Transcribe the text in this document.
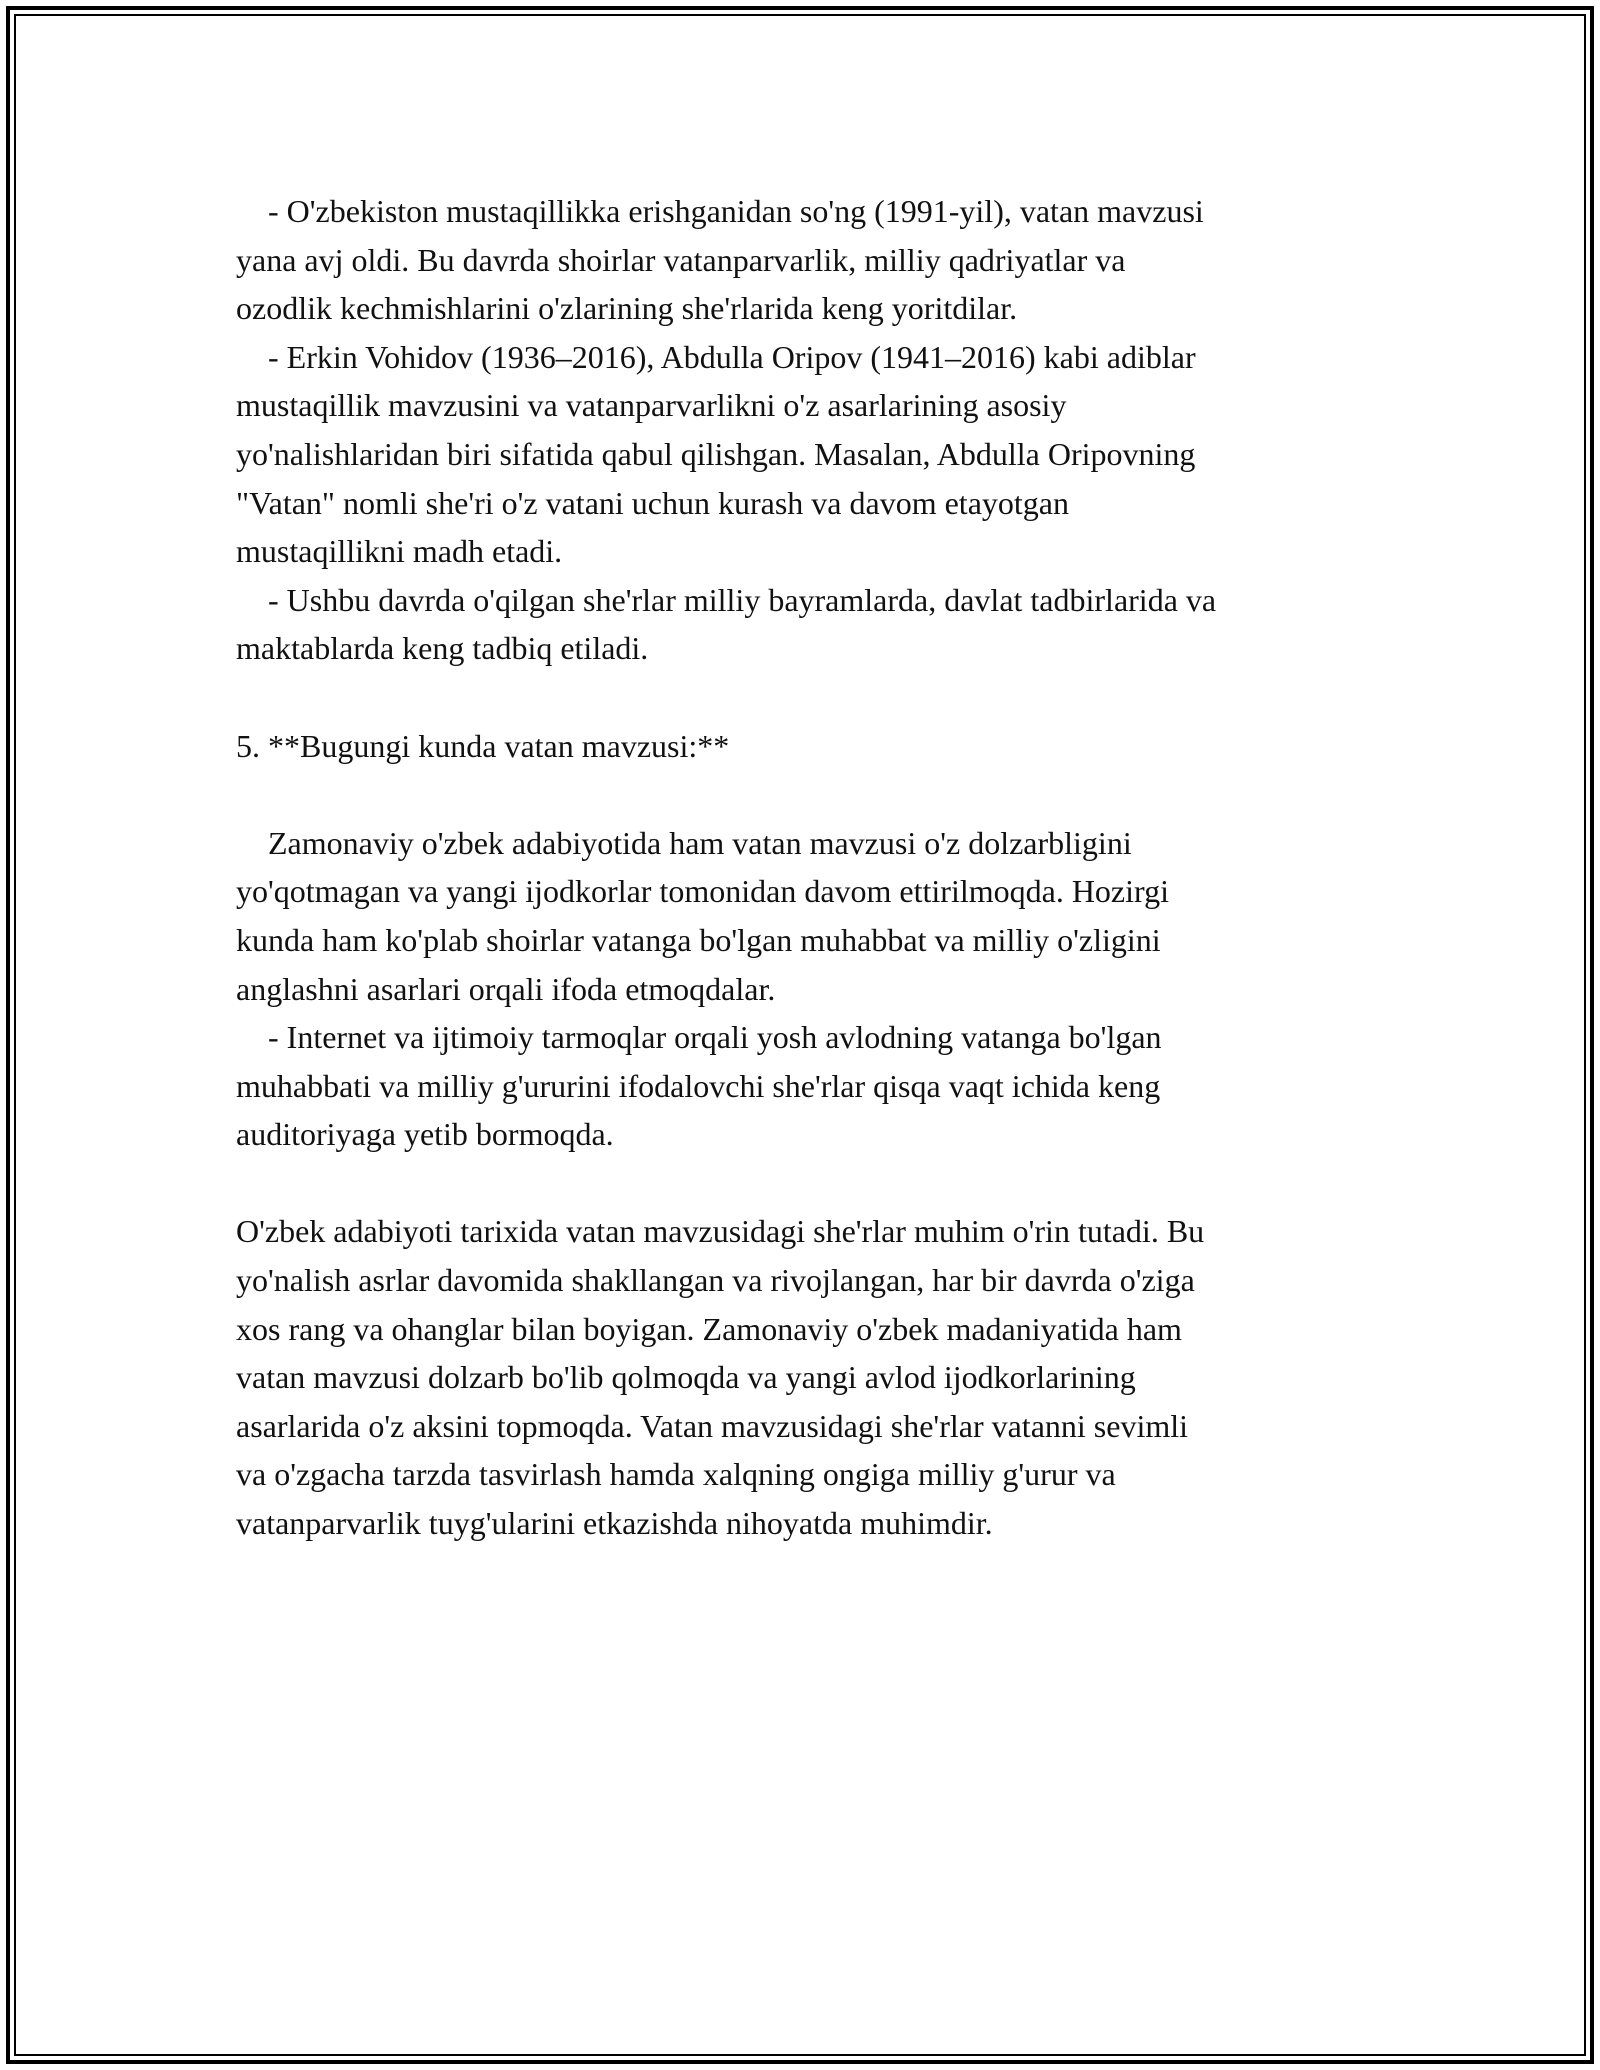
- O'zbekiston mustaqillikka erishganidan so'ng (1991-yil), vatan mavzusi
yana avj oldi. Bu davrda shoirlar vatanparvarlik, milliy qadriyatlar va
ozodlik kechmishlarini o'zlarining she'rlarida keng yoritdilar.
- Erkin Vohidov (1936–2016), Abdulla Oripov (1941–2016) kabi adiblar
mustaqillik mavzusini va vatanparvarlikni o'z asarlarining asosiy
yo'nalishlaridan biri sifatida qabul qilishgan. Masalan, Abdulla Oripovning
"Vatan" nomli she'ri o'z vatani uchun kurash va davom etayotgan
mustaqillikni madh etadi.
- Ushbu davrda o'qilgan she'rlar milliy bayramlarda, davlat tadbirlarida va
maktablarda keng tadbiq etiladi.
5. **Bugungi kunda vatan mavzusi:**
Zamonaviy o'zbek adabiyotida ham vatan mavzusi o'z dolzarbligini
yo'qotmagan va yangi ijodkorlar tomonidan davom ettirilmoqda. Hozirgi
kunda ham ko'plab shoirlar vatanga bo'lgan muhabbat va milliy o'zligini
anglashni asarlari orqali ifoda etmoqdalar.
- Internet va ijtimoiy tarmoqlar orqali yosh avlodning vatanga bo'lgan
muhabbati va milliy g'ururini ifodalovchi she'rlar qisqa vaqt ichida keng
auditoriyaga yetib bormoqda.
O'zbek adabiyoti tarixida vatan mavzusidagi she'rlar muhim o'rin tutadi. Bu
yo'nalish asrlar davomida shakllangan va rivojlangan, har bir davrda o'ziga
xos rang va ohanglar bilan boyigan. Zamonaviy o'zbek madaniyatida ham
vatan mavzusi dolzarb bo'lib qolmoqda va yangi avlod ijodkorlarining
asarlarida o'z aksini topmoqda. Vatan mavzusidagi she'rlar vatanni sevimli
va o'zgacha tarzda tasvirlash hamda xalqning ongiga milliy g'urur va
vatanparvarlik tuyg'ularini etkazishda nihoyatda muhimdir.
